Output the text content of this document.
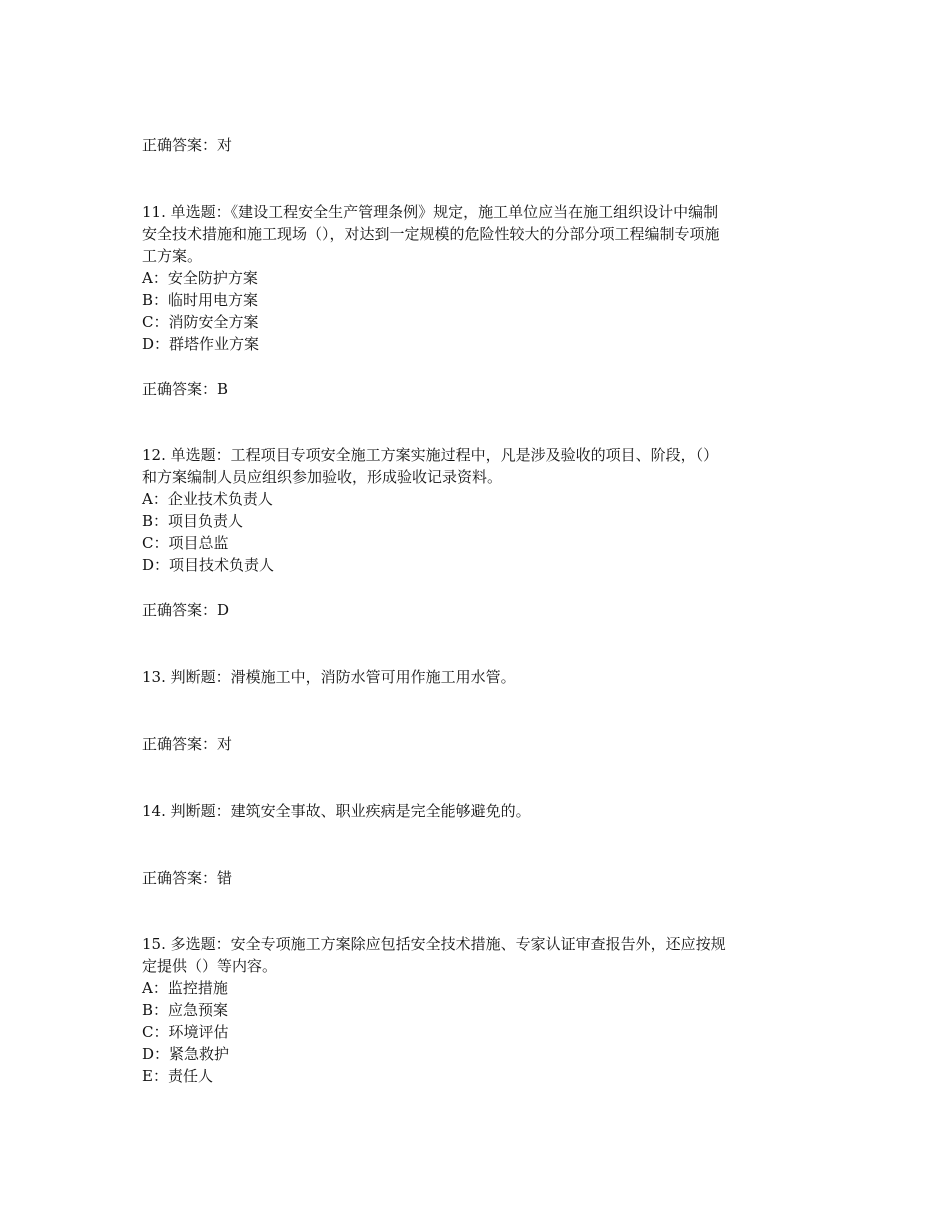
正确答案：对

11. 单选题：《建设工程安全生产管理条例》规定，施工单位应当在施工组织设计中编制

安全技术措施和施工现场（），对达到一定规模的危险性较大的分部分项工程编制专项施

工方案。

A：安全防护方案

B：临时用电方案

C：消防安全方案

D：群塔作业方案

正确答案：B

12. 单选题：工程项目专项安全施工方案实施过程中，凡是涉及验收的项目、阶段，（）

和方案编制人员应组织参加验收，形成验收记录资料。

A：企业技术负责人

B：项目负责人

C：项目总监

D：项目技术负责人

正确答案：D

13. 判断题：滑模施工中，消防水管可用作施工用水管。

正确答案：对

14. 判断题：建筑安全事故、职业疾病是完全能够避免的。

正确答案：错

15. 多选题：安全专项施工方案除应包括安全技术措施、专家认证审查报告外，还应按规

定提供（）等内容。

A：监控措施

B：应急预案

C：环境评估

D：紧急救护

E：责任人
